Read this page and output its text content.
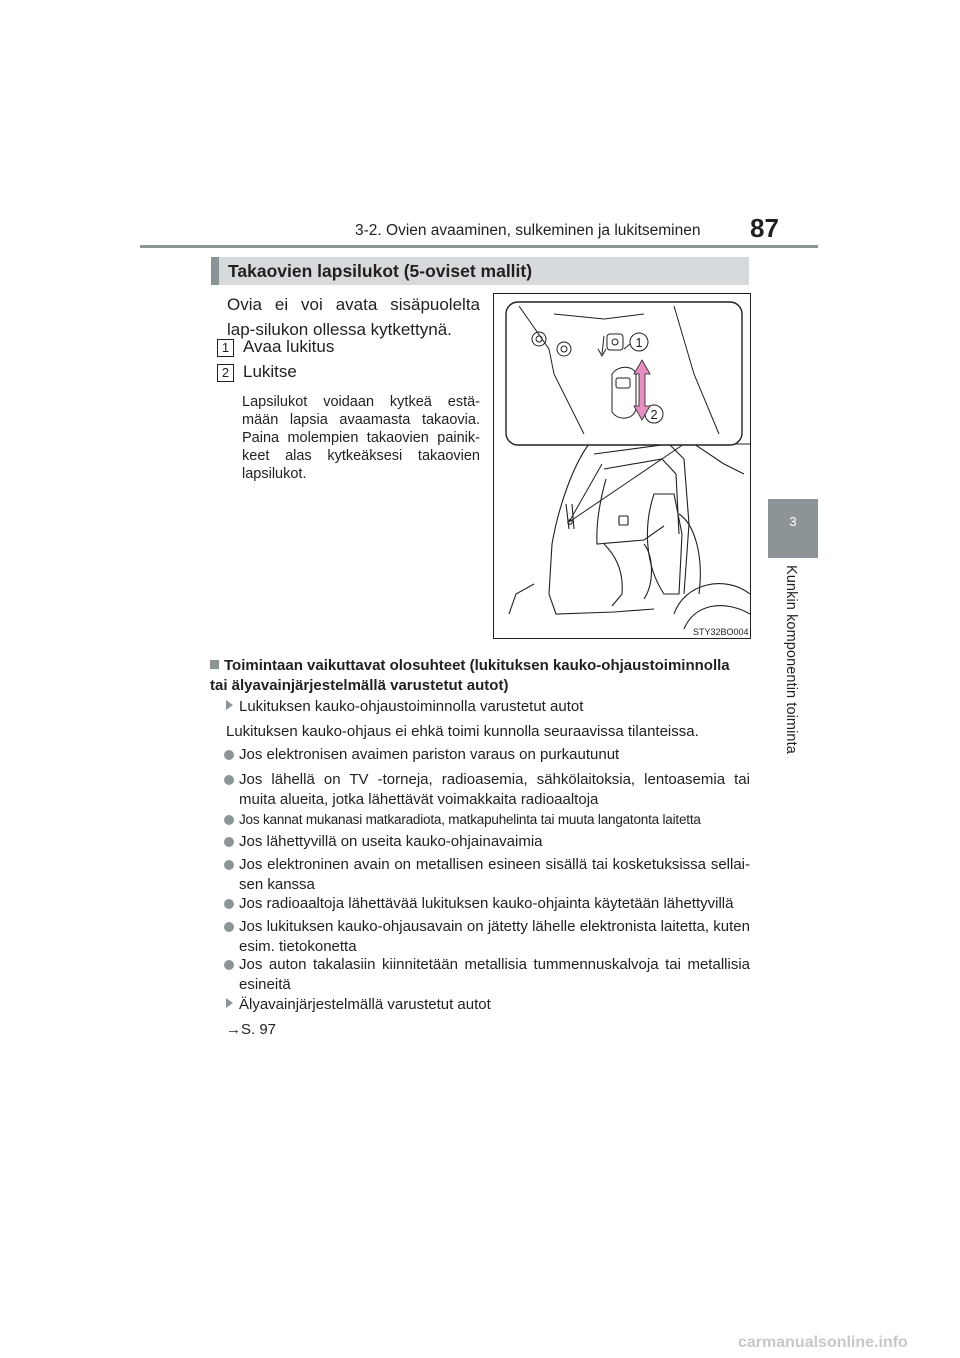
3-2. Ovien avaaminen, sulkeminen ja lukitseminen 87
3
Kunkin komponentin toiminta
Takaovien lapsilukot (5-oviset mallit)
Ovia ei voi avata sisäpuolelta lap-silukon ollessa kytkettynä.
1 Avaa lukitus
2 Lukitse
Lapsilukot voidaan kytkeä estä-mään lapsia avaamasta takaovia. Paina molempien takaovien painik-keet alas kytkeäksesi takaovien lapsilukot.
1
2
STY32BO004
Toimintaan vaikuttavat olosuhteet (lukituksen kauko-ohjaustoiminnolla tai älyavainjärjestelmällä varustetut autot)
Lukituksen kauko-ohjaustoiminnolla varustetut autot
Lukituksen kauko-ohjaus ei ehkä toimi kunnolla seuraavissa tilanteissa.
Jos elektronisen avaimen pariston varaus on purkautunut
Jos lähellä on TV -torneja, radioasemia, sähkölaitoksia, lentoasemia tai muita alueita, jotka lähettävät voimakkaita radioaaltoja
Jos kannat mukanasi matkaradiota, matkapuhelinta tai muuta langatonta laitetta
Jos lähettyvillä on useita kauko-ohjainavaimia
Jos elektroninen avain on metallisen esineen sisällä tai kosketuksissa sellai-sen kanssa
Jos radioaaltoja lähettävää lukituksen kauko-ohjainta käytetään lähettyvillä
Jos lukituksen kauko-ohjausavain on jätetty lähelle elektronista laitetta, kuten esim. tietokonetta
Jos auton takalasiin kiinnitetään metallisia tummennuskalvoja tai metallisia esineitä
Älyavainjärjestelmällä varustetut autot
→S. 97
carmanualsonline.info
